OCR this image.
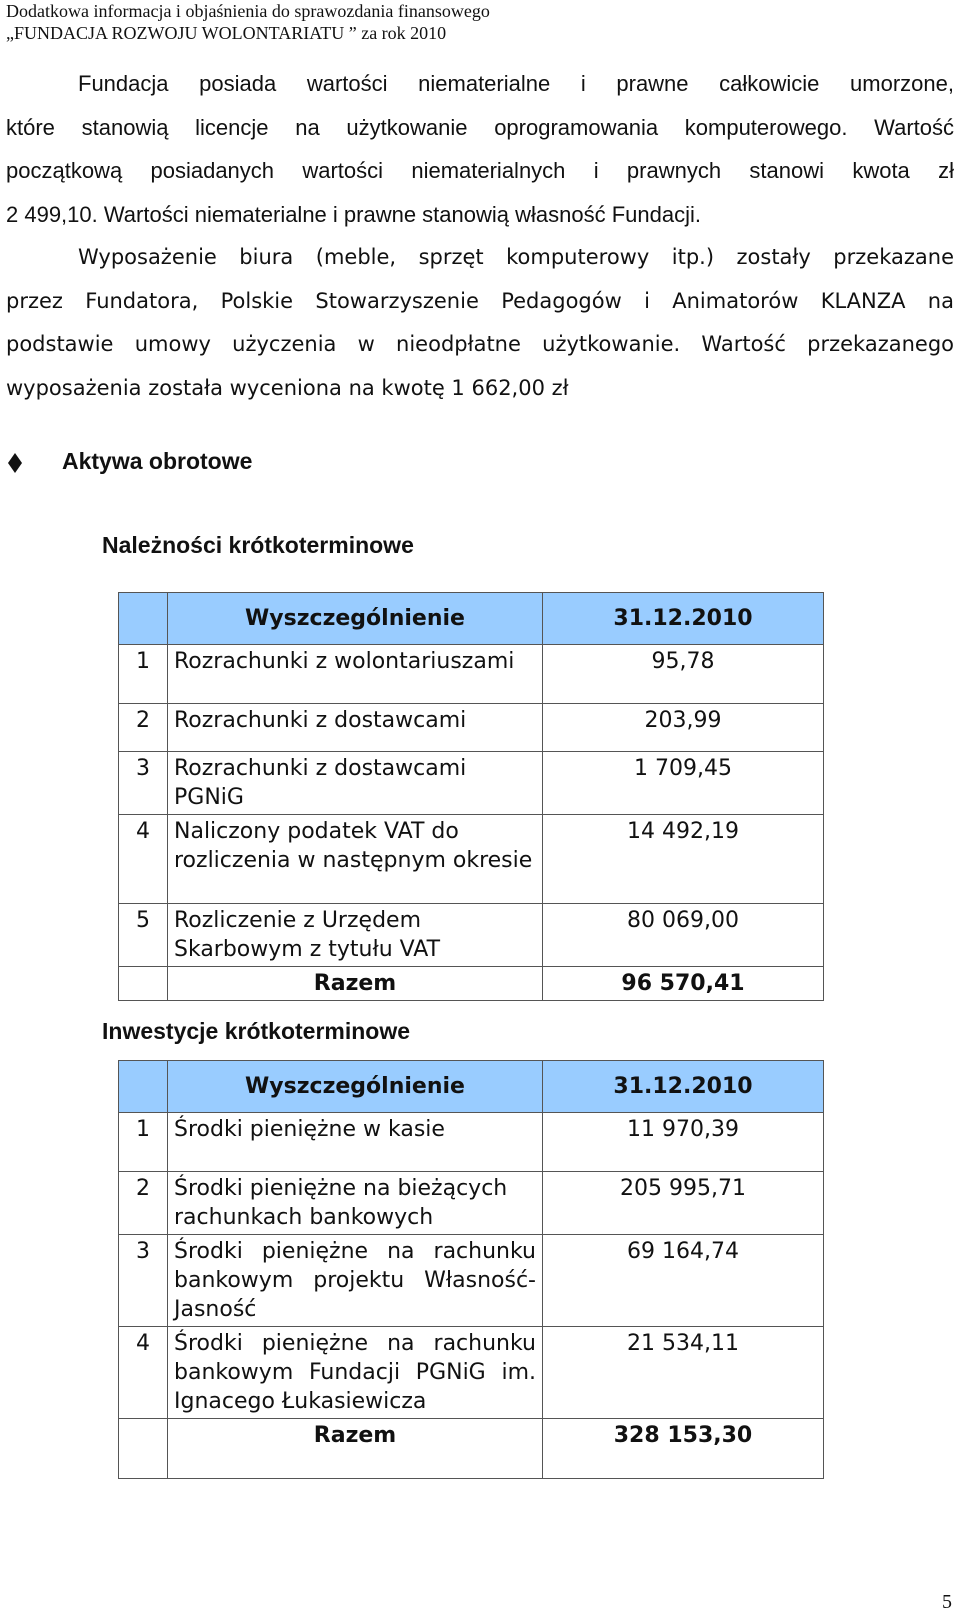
Dodatkowa informacja i objaśnienia do sprawozdania finansowego
„FUNDACJA ROZWOJU WOLONTARIATU ” za rok 2010
Fundacja posiada wartości niematerialne i prawne całkowicie umorzone,
które stanowią licencje na użytkowanie oprogramowania komputerowego. Wartość
początkową posiadanych wartości niematerialnych i prawnych stanowi kwota zł
2 499,10. Wartości niematerialne i prawne stanowią własność Fundacji.
Wyposażenie biura (meble, sprzęt komputerowy itp.) zostały przekazane
przez Fundatora, Polskie Stowarzyszenie Pedagogów i Animatorów KLANZA na
podstawie umowy użyczenia w nieodpłatne użytkowanie. Wartość przekazanego
wyposażenia została wyceniona na kwotę 1 662,00 zł
Aktywa obrotowe
Należności krótkoterminowe
	Wyszczególnienie	31.12.2010
1	Rozrachunki z wolontariuszami	95,78
2	Rozrachunki z dostawcami	203,99
3	Rozrachunki z dostawcami PGNiG	1 709,45
4	Naliczony podatek VAT do rozliczenia w następnym okresie	14 492,19
5	Rozliczenie z Urzędem Skarbowym z tytułu VAT	80 069,00
	Razem	96 570,41
Inwestycje krótkoterminowe
	Wyszczególnienie	31.12.2010
1	Środki pieniężne w kasie	11 970,39
2	Środki pieniężne na bieżących rachunkach bankowych	205 995,71
3	Środki pieniężne na rachunku bankowym projektu Własność-Jasność	69 164,74
4	Środki pieniężne na rachunku bankowym Fundacji PGNiG im. Ignacego Łukasiewicza	21 534,11
	Razem	328 153,30
5
